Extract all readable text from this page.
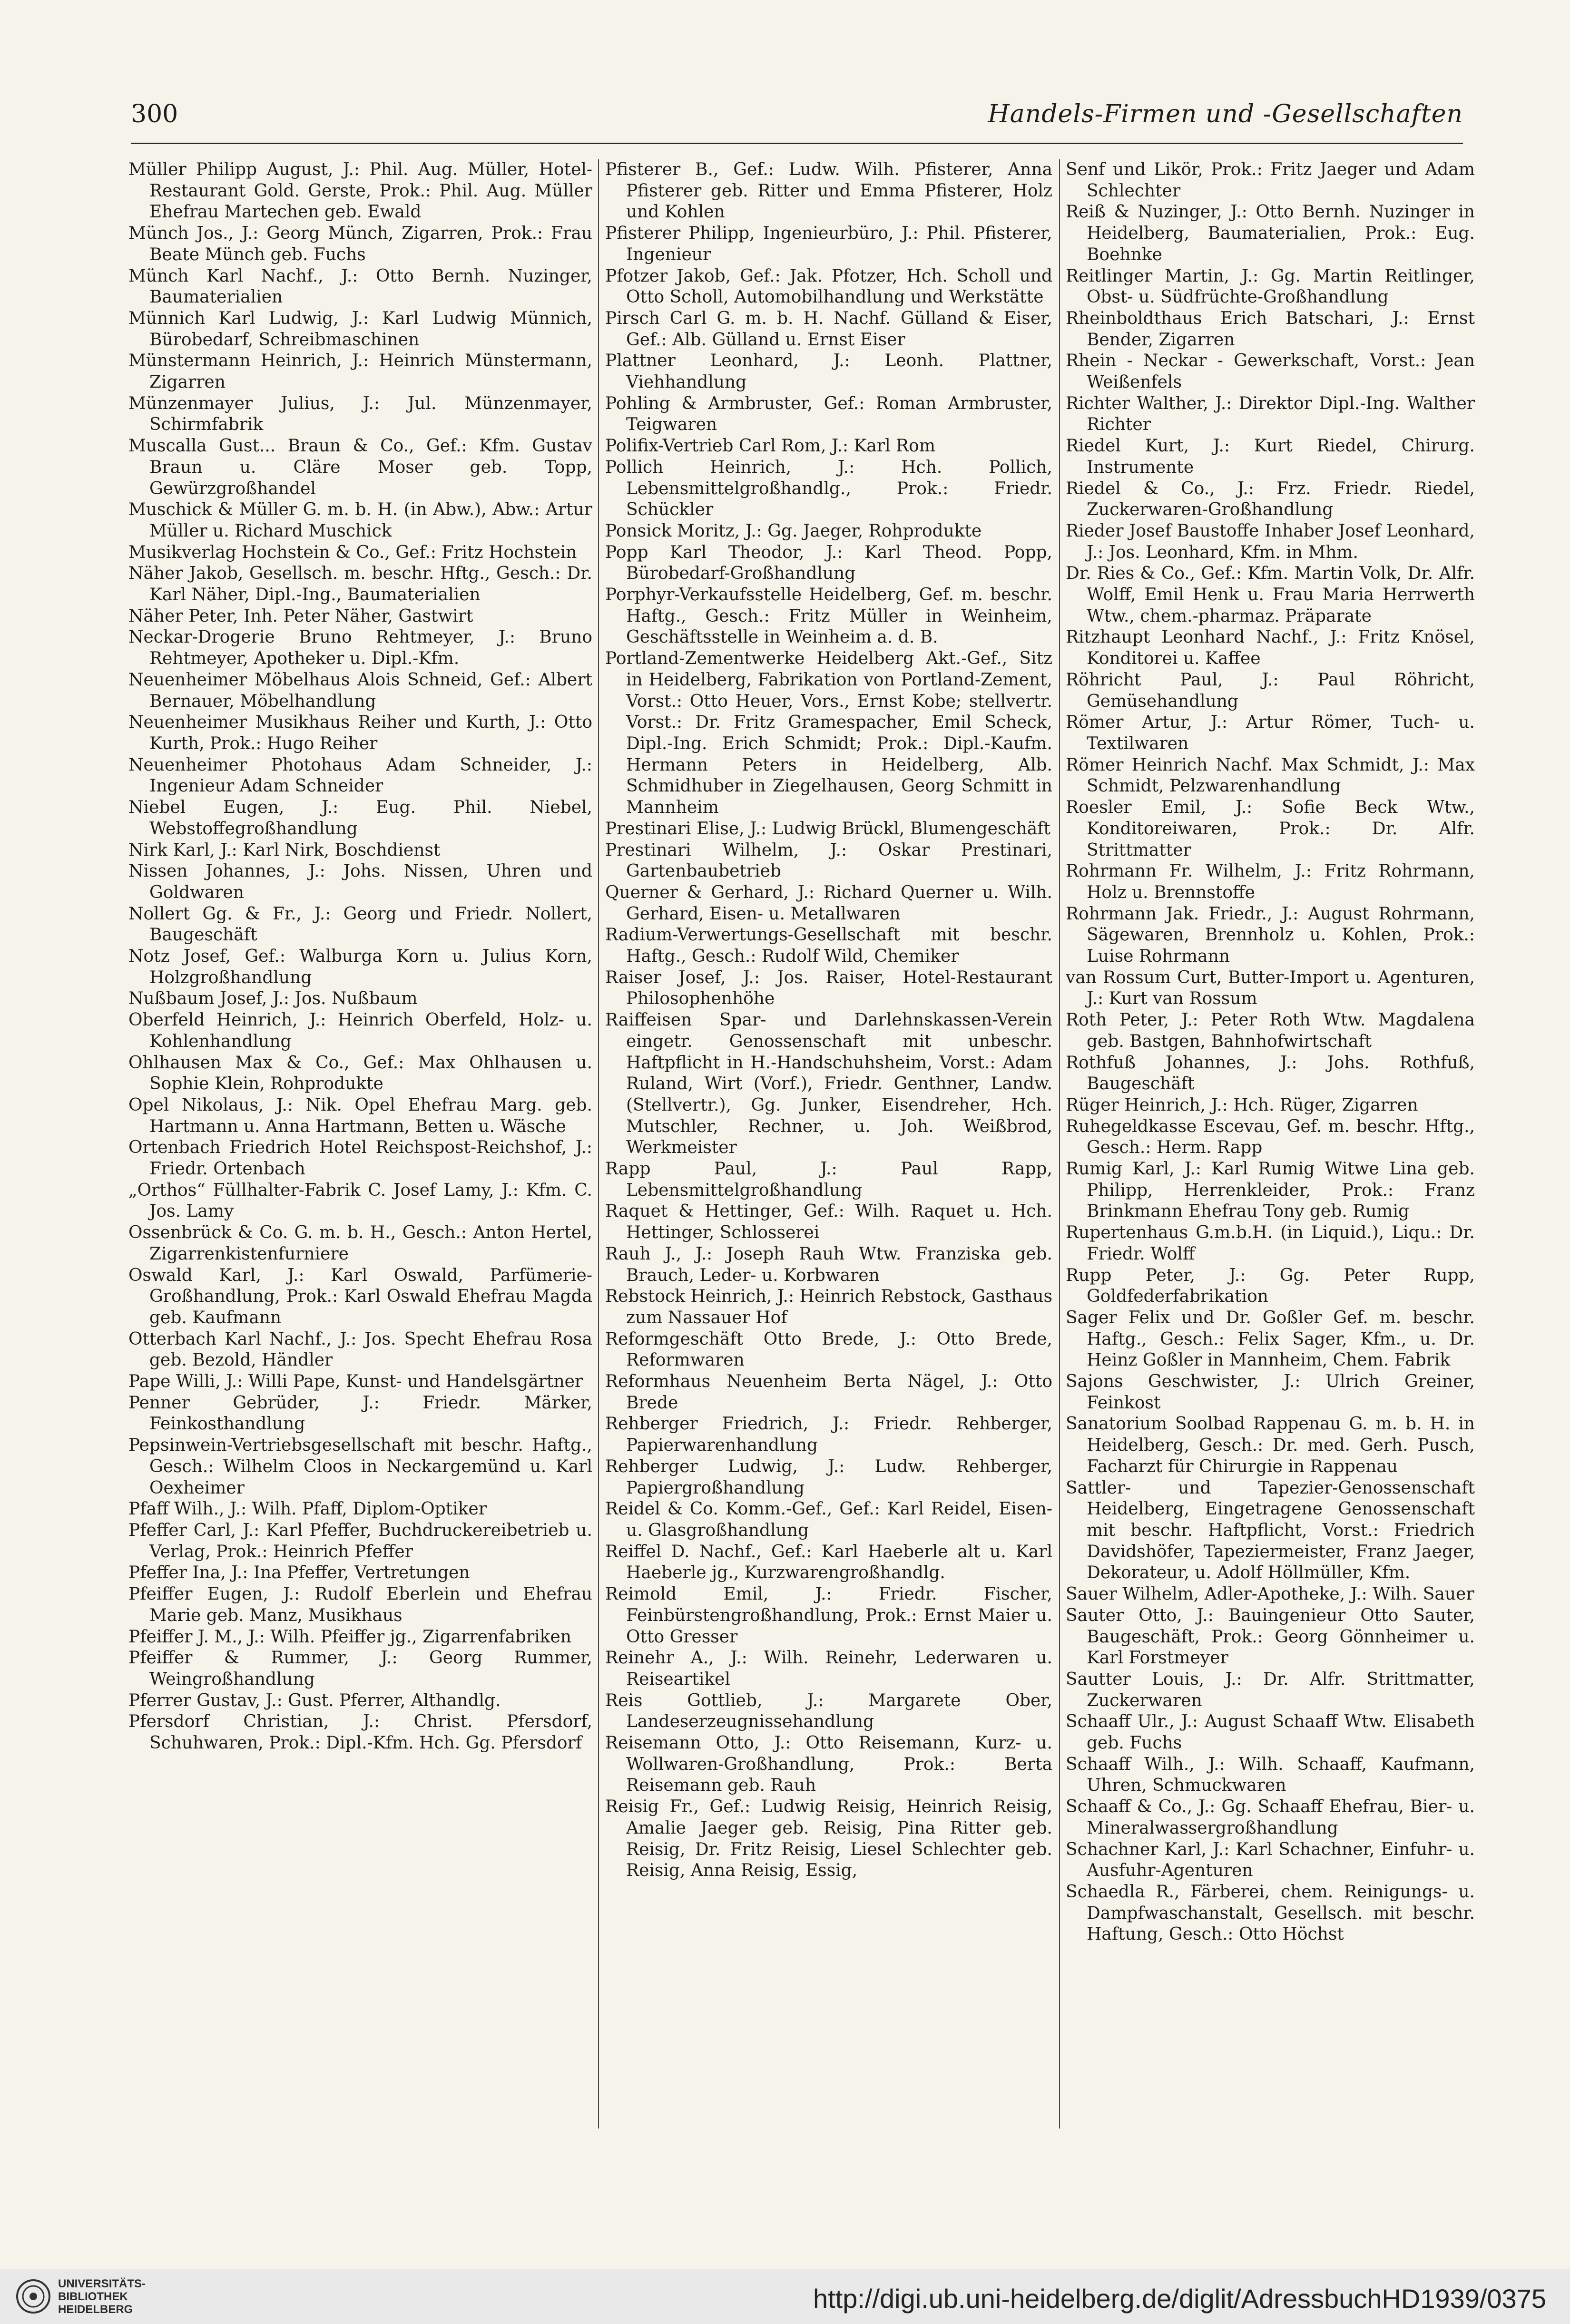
300	Handels-Firmen und -Gesellschaften

Müller Philipp August, J.: Phil. Aug. Müller, Hotel-Restaurant Gold. Gerste, Prok.: Phil. Aug. Müller Ehefrau Martechen geb. Ewald

Münch Jos., J.: Georg Münch, Zigarren, Prok.: Frau Beate Münch geb. Fuchs

Münch Karl Nachf., J.: Otto Bernh. Nuzinger, Baumaterialien

Münnich Karl Ludwig, J.: Karl Ludwig Münnich, Bürobedarf, Schreibmaschinen

Münstermann Heinrich, J.: Heinrich Münstermann, Zigarren

Münzenmayer Julius, J.: Jul. Münzenmayer, Schirmfabrik

Muscalla Gust... Braun & Co., Gef.: Kfm. Gustav Braun u. Cläre Moser geb. Topp, Gewürzgroßhandel

Muschick & Müller G. m. b. H. (in Abw.), Abw.: Artur Müller u. Richard Muschick

Musikverlag Hochstein & Co., Gef.: Fritz Hochstein

Näher Jakob, Gesellsch. m. beschr. Hftg., Gesch.: Dr. Karl Näher, Dipl.-Ing., Baumaterialien

Näher Peter, Inh. Peter Näher, Gastwirt

Neckar-Drogerie Bruno Rehtmeyer, J.: Bruno Rehtmeyer, Apotheker u. Dipl.-Kfm.

Neuenheimer Möbelhaus Alois Schneid, Gef.: Albert Bernauer, Möbelhandlung

Neuenheimer Musikhaus Reiher und Kurth, J.: Otto Kurth, Prok.: Hugo Reiher

Neuenheimer Photohaus Adam Schneider, J.: Ingenieur Adam Schneider

Niebel Eugen, J.: Eug. Phil. Niebel, Webstoffegroßhandlung

Nirk Karl, J.: Karl Nirk, Boschdienst

Nissen Johannes, J.: Johs. Nissen, Uhren und Goldwaren

Nollert Gg. & Fr., J.: Georg und Friedr. Nollert, Baugeschäft

Notz Josef, Gef.: Walburga Korn u. Julius Korn, Holzgroßhandlung

Nußbaum Josef, J.: Jos. Nußbaum

Oberfeld Heinrich, J.: Heinrich Oberfeld, Holz- u. Kohlenhandlung

Ohlhausen Max & Co., Gef.: Max Ohlhausen u. Sophie Klein, Rohprodukte

Opel Nikolaus, J.: Nik. Opel Ehefrau Marg. geb. Hartmann u. Anna Hartmann, Betten u. Wäsche

Ortenbach Friedrich Hotel Reichspost-Reichshof, J.: Friedr. Ortenbach

„Orthos“ Füllhalter-Fabrik C. Josef Lamy, J.: Kfm. C. Jos. Lamy

Ossenbrück & Co. G. m. b. H., Gesch.: Anton Hertel, Zigarrenkistenfurniere

Oswald Karl, J.: Karl Oswald, Parfümerie-Großhandlung, Prok.: Karl Oswald Ehefrau Magda geb. Kaufmann

Otterbach Karl Nachf., J.: Jos. Specht Ehefrau Rosa geb. Bezold, Händler

Pape Willi, J.: Willi Pape, Kunst- und Handelsgärtner

Penner Gebrüder, J.: Friedr. Märker, Feinkosthandlung

Pepsinwein-Vertriebsgesellschaft mit beschr. Haftg., Gesch.: Wilhelm Cloos in Neckargemünd u. Karl Oexheimer

Pfaff Wilh., J.: Wilh. Pfaff, Diplom-Optiker

Pfeffer Carl, J.: Karl Pfeffer, Buchdruckereibetrieb u. Verlag, Prok.: Heinrich Pfeffer

Pfeffer Ina, J.: Ina Pfeffer, Vertretungen

Pfeiffer Eugen, J.: Rudolf Eberlein und Ehefrau Marie geb. Manz, Musikhaus

Pfeiffer J. M., J.: Wilh. Pfeiffer jg., Zigarrenfabriken

Pfeiffer & Rummer, J.: Georg Rummer, Weingroßhandlung

Pferrer Gustav, J.: Gust. Pferrer, Althandlg.

Pfersdorf Christian, J.: Christ. Pfersdorf, Schuhwaren, Prok.: Dipl.-Kfm. Hch. Gg. Pfersdorf

Pfisterer B., Gef.: Ludw. Wilh. Pfisterer, Anna Pfisterer geb. Ritter und Emma Pfisterer, Holz und Kohlen

Pfisterer Philipp, Ingenieurbüro, J.: Phil. Pfisterer, Ingenieur

Pfotzer Jakob, Gef.: Jak. Pfotzer, Hch. Scholl und Otto Scholl, Automobilhandlung und Werkstätte

Pirsch Carl G. m. b. H. Nachf. Gülland & Eiser, Gef.: Alb. Gülland u. Ernst Eiser

Plattner Leonhard, J.: Leonh. Plattner, Viehhandlung

Pohling & Armbruster, Gef.: Roman Armbruster, Teigwaren

Polifix-Vertrieb Carl Rom, J.: Karl Rom

Pollich Heinrich, J.: Hch. Pollich, Lebensmittelgroßhandlg., Prok.: Friedr. Schückler

Ponsick Moritz, J.: Gg. Jaeger, Rohprodukte

Popp Karl Theodor, J.: Karl Theod. Popp, Bürobedarf-Großhandlung

Porphyr-Verkaufsstelle Heidelberg, Gef. m. beschr. Haftg., Gesch.: Fritz Müller in Weinheim, Geschäftsstelle in Weinheim a. d. B.

Portland-Zementwerke Heidelberg Akt.-Gef., Sitz in Heidelberg, Fabrikation von Portland-Zement, Vorst.: Otto Heuer, Vors., Ernst Kobe; stellvertr. Vorst.: Dr. Fritz Gramespacher, Emil Scheck, Dipl.-Ing. Erich Schmidt; Prok.: Dipl.-Kaufm. Hermann Peters in Heidelberg, Alb. Schmidhuber in Ziegelhausen, Georg Schmitt in Mannheim

Prestinari Elise, J.: Ludwig Brückl, Blumengeschäft

Prestinari Wilhelm, J.: Oskar Prestinari, Gartenbaubetrieb

Querner & Gerhard, J.: Richard Querner u. Wilh. Gerhard, Eisen- u. Metallwaren

Radium-Verwertungs-Gesellschaft mit beschr. Haftg., Gesch.: Rudolf Wild, Chemiker

Raiser Josef, J.: Jos. Raiser, Hotel-Restaurant Philosophenhöhe

Raiffeisen Spar- und Darlehnskassen-Verein eingetr. Genossenschaft mit unbeschr. Haftpflicht in H.-Handschuhsheim, Vorst.: Adam Ruland, Wirt (Vorf.), Friedr. Genthner, Landw. (Stellvertr.), Gg. Junker, Eisendreher, Hch. Mutschler, Rechner, u. Joh. Weißbrod, Werkmeister

Rapp Paul, J.: Paul Rapp, Lebensmittelgroßhandlung

Raquet & Hettinger, Gef.: Wilh. Raquet u. Hch. Hettinger, Schlosserei

Rauh J., J.: Joseph Rauh Wtw. Franziska geb. Brauch, Leder- u. Korbwaren

Rebstock Heinrich, J.: Heinrich Rebstock, Gasthaus zum Nassauer Hof

Reformgeschäft Otto Brede, J.: Otto Brede, Reformwaren

Reformhaus Neuenheim Berta Nägel, J.: Otto Brede

Rehberger Friedrich, J.: Friedr. Rehberger, Papierwarenhandlung

Rehberger Ludwig, J.: Ludw. Rehberger, Papiergroßhandlung

Reidel & Co. Komm.-Gef., Gef.: Karl Reidel, Eisen- u. Glasgroßhandlung

Reiffel D. Nachf., Gef.: Karl Haeberle alt u. Karl Haeberle jg., Kurzwarengroßhandlg.

Reimold Emil, J.: Friedr. Fischer, Feinbürstengroßhandlung, Prok.: Ernst Maier u. Otto Gresser

Reinehr A., J.: Wilh. Reinehr, Lederwaren u. Reiseartikel

Reis Gottlieb, J.: Margarete Ober, Landeserzeugnissehandlung

Reisemann Otto, J.: Otto Reisemann, Kurz- u. Wollwaren-Großhandlung, Prok.: Berta Reisemann geb. Rauh

Reisig Fr., Gef.: Ludwig Reisig, Heinrich Reisig, Amalie Jaeger geb. Reisig, Pina Ritter geb. Reisig, Dr. Fritz Reisig, Liesel Schlechter geb. Reisig, Anna Reisig, Essig,

Senf und Likör, Prok.: Fritz Jaeger und Adam Schlechter

Reiß & Nuzinger, J.: Otto Bernh. Nuzinger in Heidelberg, Baumaterialien, Prok.: Eug. Boehnke

Reitlinger Martin, J.: Gg. Martin Reitlinger, Obst- u. Südfrüchte-Großhandlung

Rheinboldthaus Erich Batschari, J.: Ernst Bender, Zigarren

Rhein - Neckar - Gewerkschaft, Vorst.: Jean Weißenfels

Richter Walther, J.: Direktor Dipl.-Ing. Walther Richter

Riedel Kurt, J.: Kurt Riedel, Chirurg. Instrumente

Riedel & Co., J.: Frz. Friedr. Riedel, Zuckerwaren-Großhandlung

Rieder Josef Baustoffe Inhaber Josef Leonhard, J.: Jos. Leonhard, Kfm. in Mhm.

Dr. Ries & Co., Gef.: Kfm. Martin Volk, Dr. Alfr. Wolff, Emil Henk u. Frau Maria Herrwerth Wtw., chem.-pharmaz. Präparate

Ritzhaupt Leonhard Nachf., J.: Fritz Knösel, Konditorei u. Kaffee

Röhricht Paul, J.: Paul Röhricht, Gemüsehandlung

Römer Artur, J.: Artur Römer, Tuch- u. Textilwaren

Römer Heinrich Nachf. Max Schmidt, J.: Max Schmidt, Pelzwarenhandlung

Roesler Emil, J.: Sofie Beck Wtw., Konditoreiwaren, Prok.: Dr. Alfr. Strittmatter

Rohrmann Fr. Wilhelm, J.: Fritz Rohrmann, Holz u. Brennstoffe

Rohrmann Jak. Friedr., J.: August Rohrmann, Sägewaren, Brennholz u. Kohlen, Prok.: Luise Rohrmann

van Rossum Curt, Butter-Import u. Agenturen, J.: Kurt van Rossum

Roth Peter, J.: Peter Roth Wtw. Magdalena geb. Bastgen, Bahnhofwirtschaft

Rothfuß Johannes, J.: Johs. Rothfuß, Baugeschäft

Rüger Heinrich, J.: Hch. Rüger, Zigarren

Ruhegeldkasse Escevau, Gef. m. beschr. Hftg., Gesch.: Herm. Rapp

Rumig Karl, J.: Karl Rumig Witwe Lina geb. Philipp, Herrenkleider, Prok.: Franz Brinkmann Ehefrau Tony geb. Rumig

Rupertenhaus G.m.b.H. (in Liquid.), Liqu.: Dr. Friedr. Wolff

Rupp Peter, J.: Gg. Peter Rupp, Goldfederfabrikation

Sager Felix und Dr. Goßler Gef. m. beschr. Haftg., Gesch.: Felix Sager, Kfm., u. Dr. Heinz Goßler in Mannheim, Chem. Fabrik

Sajons Geschwister, J.: Ulrich Greiner, Feinkost

Sanatorium Soolbad Rappenau G. m. b. H. in Heidelberg, Gesch.: Dr. med. Gerh. Pusch, Facharzt für Chirurgie in Rappenau

Sattler- und Tapezier-Genossenschaft Heidelberg, Eingetragene Genossenschaft mit beschr. Haftpflicht, Vorst.: Friedrich Davidshöfer, Tapeziermeister, Franz Jaeger, Dekorateur, u. Adolf Höllmüller, Kfm.

Sauer Wilhelm, Adler-Apotheke, J.: Wilh. Sauer

Sauter Otto, J.: Bauingenieur Otto Sauter, Baugeschäft, Prok.: Georg Gönnheimer u. Karl Forstmeyer

Sautter Louis, J.: Dr. Alfr. Strittmatter, Zuckerwaren

Schaaff Ulr., J.: August Schaaff Wtw. Elisabeth geb. Fuchs

Schaaff Wilh., J.: Wilh. Schaaff, Kaufmann, Uhren, Schmuckwaren

Schaaff & Co., J.: Gg. Schaaff Ehefrau, Bier- u. Mineralwassergroßhandlung

Schachner Karl, J.: Karl Schachner, Einfuhr- u. Ausfuhr-Agenturen

Schaedla R., Färberei, chem. Reinigungs- u. Dampfwaschanstalt, Gesellsch. mit beschr. Haftung, Gesch.: Otto Höchst

UNIVERSITÄTS-
BIBLIOTHEK
HEIDELBERG	http://digi.ub.uni-heidelberg.de/diglit/AdressbuchHD1939/0375
